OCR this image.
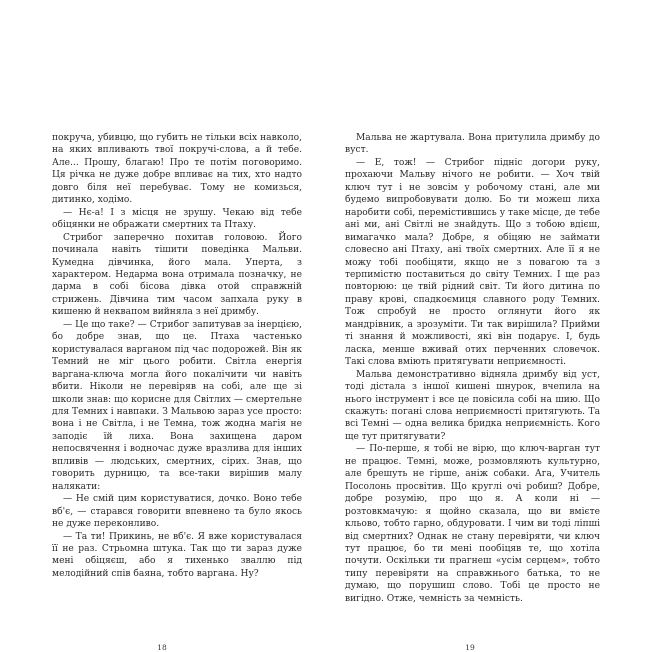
покруча, убивцю, що губить не тільки всіх навколо, на яких впливають твої покручі-слова, а й тебе. Але... Прошу, благаю! Про те потім поговоримо. Ця річка не дуже добре впливає на тих, хто надто довго біля неї перебуває. Тому не комизься, дитинко, ходімо.

— Нє-а! І з місця не зрушу. Чекаю від тебе обіцянки не ображати смертних та Птаху.

Стрибог заперечно похитав головою. Його починала навіть тішити поведінка Мальви. Кумедна дівчинка, його мала. Уперта, з характером. Недарма вона отримала позначку, не дарма в собі бісова дівка отой справжній стрижень. Дівчина тим часом запхала руку в кишеню й неквапом вийняла з неї дримбу.

— Це що таке? — Стрибог запитував за інерцією, бо добре знав, що це. Птаха частенько користувалася варганом під час подорожей. Він як Темний не міг цього робити. Світла енергія варгана-ключа могла його покалічити чи навіть вбити. Ніколи не перевіряв на собі, але ще зі школи знав: що корисне для Світлих — смертельне для Темних і навпаки. З Мальвою зараз усе просто: вона і не Світла, і не Темна, тож жодна магія не заподіє їй лиха. Вона захищена даром непосвячення і водночас дуже вразлива для інших впливів — людських, смертних, сірих. Знав, що говорить дурницю, та все-таки вирішив малу налякати:

— Не смій цим користуватися, дочко. Воно тебе вб'є, — старався говорити впевнено та було якось не дуже переконливо.

— Та ти! Прикинь, не вб'є. Я вже користувалася її не раз. Стрьомна штука. Так що ти зараз дуже мені обіцяєш, або я тихенько зваллю під мелодійний спів баяна, тобто варгана. Ну?

18

Мальва не жартувала. Вона притулила дримбу до вуст.

— Е, тож! — Стрибог підніс догори руку, прохаючи Мальву нічого не робити. — Хоч твій ключ тут і не зовсім у робочому стані, але ми будемо випробовувати долю. Бо ти можеш лиха наробити собі, перемістившись у таке місце, де тебе ані ми, ані Світлі не знайдуть. Що з тобою вдієш, вимагачко мала? Добре, я обіцяю не займати словесно ані Птаху, ані твоїх смертних. Але її я не можу тобі пообіцяти, якщо не з повагою та з терпимістю поставиться до світу Темних. І ще раз повторюю: це твій рідний світ. Ти його дитина по праву крові, спадкоємиця славного роду Темних. Тож спробуй не просто оглянути його як мандрівник, а зрозуміти. Ти так вирішила? Прийми ті знання й можливості, які він подарує. І, будь ласка, менше вживай отих перченних словечок. Такі слова вміють притягувати неприємності.

Мальва демонстративно відняла дримбу від уст, тоді дістала з іншої кишені шнурок, вчепила на нього інструмент і все це повісила собі на шию. Що скажуть: погані слова неприємності притягують. Та всі Темні — одна велика бридка неприємність. Кого ще тут притягувати?

— По-перше, я тобі не вірю, що ключ-варган тут не працює. Темні, може, розмовляють культурно, але брешуть не гірше, аніж собаки. Ага, Учитель Посолонь просвітив. Що круглі очі робиш? Добре, добре розумію, про що я. А коли ні — розтовкмачую: я щойно сказала, що ви вмієте кльово, тобто гарно, обдуровати. І чим ви тоді ліпші від смертних? Однак не стану перевіряти, чи ключ тут працює, бо ти мені пообіцяв те, що хотіла почути. Оскільки ти прагнеш «усім серцем», тобто типу перевіряти на справжнього батька, то не думаю, що порушиш слово. Тобі це просто не вигідно. Отже, чемність за чемність.

19
